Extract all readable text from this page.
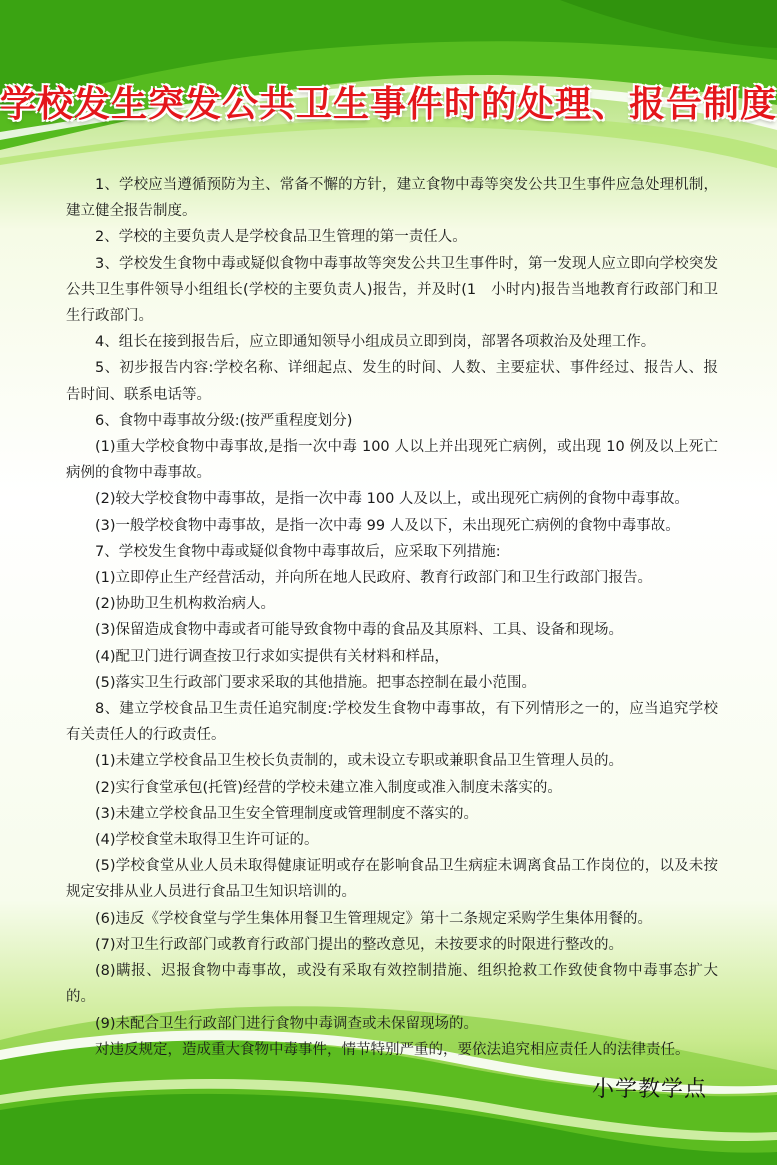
学校发生突发公共卫生事件时的处理、报告制度

1、学校应当遵循预防为主、常备不懈的方针，建立食物中毒等突发公共卫生事件应急处理机制，建立健全报告制度。

2、学校的主要负责人是学校食品卫生管理的第一责任人。

3、学校发生食物中毒或疑似食物中毒事故等突发公共卫生事件时，第一发现人应立即向学校突发公共卫生事件领导小组组长(学校的主要负责人)报告，并及时(1　小时内)报告当地教育行政部门和卫生行政部门。

4、组长在接到报告后，应立即通知领导小组成员立即到岗，部署各项救治及处理工作。

5、初步报告内容:学校名称、详细起点、发生的时间、人数、主要症状、事件经过、报告人、报告时间、联系电话等。

6、食物中毒事故分级:(按严重程度划分)

(1)重大学校食物中毒事故,是指一次中毒 100 人以上并出现死亡病例，或出现 10 例及以上死亡病例的食物中毒事故。

(2)较大学校食物中毒事故，是指一次中毒 100 人及以上，或出现死亡病例的食物中毒事故。

(3)一般学校食物中毒事故，是指一次中毒 99 人及以下，未出现死亡病例的食物中毒事故。

7、学校发生食物中毒或疑似食物中毒事故后，应采取下列措施:

(1)立即停止生产经营活动，并向所在地人民政府、教育行政部门和卫生行政部门报告。

(2)协助卫生机构救治病人。

(3)保留造成食物中毒或者可能导致食物中毒的食品及其原料、工具、设备和现场。

(4)配卫门进行调查按卫行求如实提供有关材料和样品，

(5)落实卫生行政部门要求采取的其他措施。把事态控制在最小范围。

8、建立学校食品卫生责任追究制度:学校发生食物中毒事故，有下列情形之一的，应当追究学校有关责任人的行政责任。

(1)未建立学校食品卫生校长负责制的，或未设立专职或兼职食品卫生管理人员的。

(2)实行食堂承包(托管)经营的学校未建立准入制度或准入制度未落实的。

(3)未建立学校食品卫生安全管理制度或管理制度不落实的。

(4)学校食堂未取得卫生许可证的。

(5)学校食堂从业人员未取得健康证明或存在影响食品卫生病症未调离食品工作岗位的，以及未按规定安排从业人员进行食品卫生知识培训的。

(6)违反《学校食堂与学生集体用餐卫生管理规定》第十二条规定采购学生集体用餐的。

(7)对卫生行政部门或教育行政部门提出的整改意见，未按要求的时限进行整改的。

(8)瞒报、迟报食物中毒事故，或没有采取有效控制措施、组织抢救工作致使食物中毒事态扩大的。

(9)未配合卫生行政部门进行食物中毒调查或未保留现场的。

对违反规定，造成重大食物中毒事件，情节特别严重的，要依法追究相应责任人的法律责任。

小学教学点
